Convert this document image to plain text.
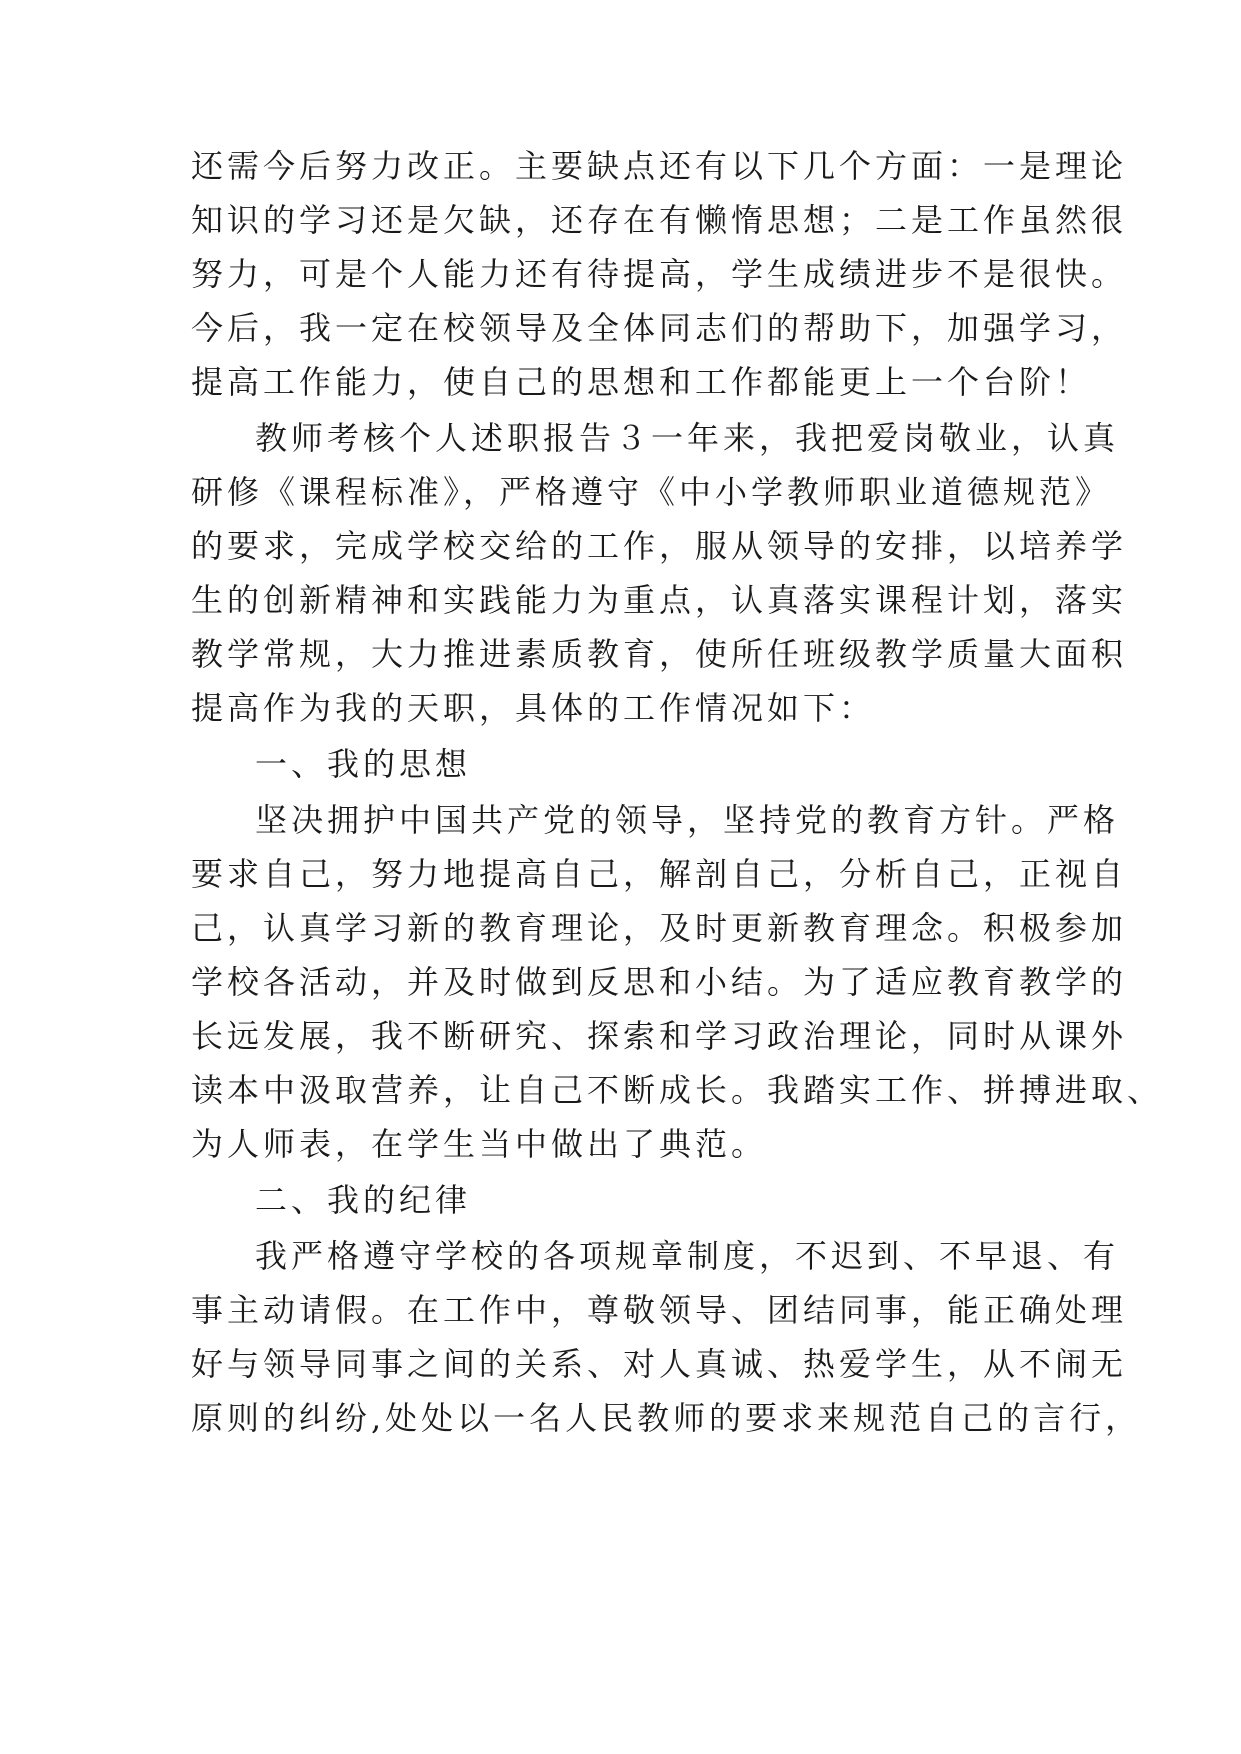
还需今后努力改正。主要缺点还有以下几个方面：一是理论
知识的学习还是欠缺，还存在有懒惰思想；二是工作虽然很
努力，可是个人能力还有待提高，学生成绩进步不是很快。
今后，我一定在校领导及全体同志们的帮助下，加强学习，
提高工作能力，使自己的思想和工作都能更上一个台阶！
教师考核个人述职报告３一年来，我把爱岗敬业，认真
研修《课程标准》，严格遵守《中小学教师职业道德规范》
的要求，完成学校交给的工作，服从领导的安排，以培养学
生的创新精神和实践能力为重点，认真落实课程计划，落实
教学常规，大力推进素质教育，使所任班级教学质量大面积
提高作为我的天职，具体的工作情况如下：
一、我的思想
坚决拥护中国共产党的领导，坚持党的教育方针。严格
要求自己，努力地提高自己，解剖自己，分析自己，正视自
己，认真学习新的教育理论，及时更新教育理念。积极参加
学校各活动，并及时做到反思和小结。为了适应教育教学的
长远发展，我不断研究、探索和学习政治理论，同时从课外
读本中汲取营养，让自己不断成长。我踏实工作、拼搏进取、
为人师表，在学生当中做出了典范。
二、我的纪律
我严格遵守学校的各项规章制度，不迟到、不早退、有
事主动请假。在工作中，尊敬领导、团结同事，能正确处理
好与领导同事之间的关系、对人真诚、热爱学生，从不闹无
原则的纠纷,处处以一名人民教师的要求来规范自己的言行，
